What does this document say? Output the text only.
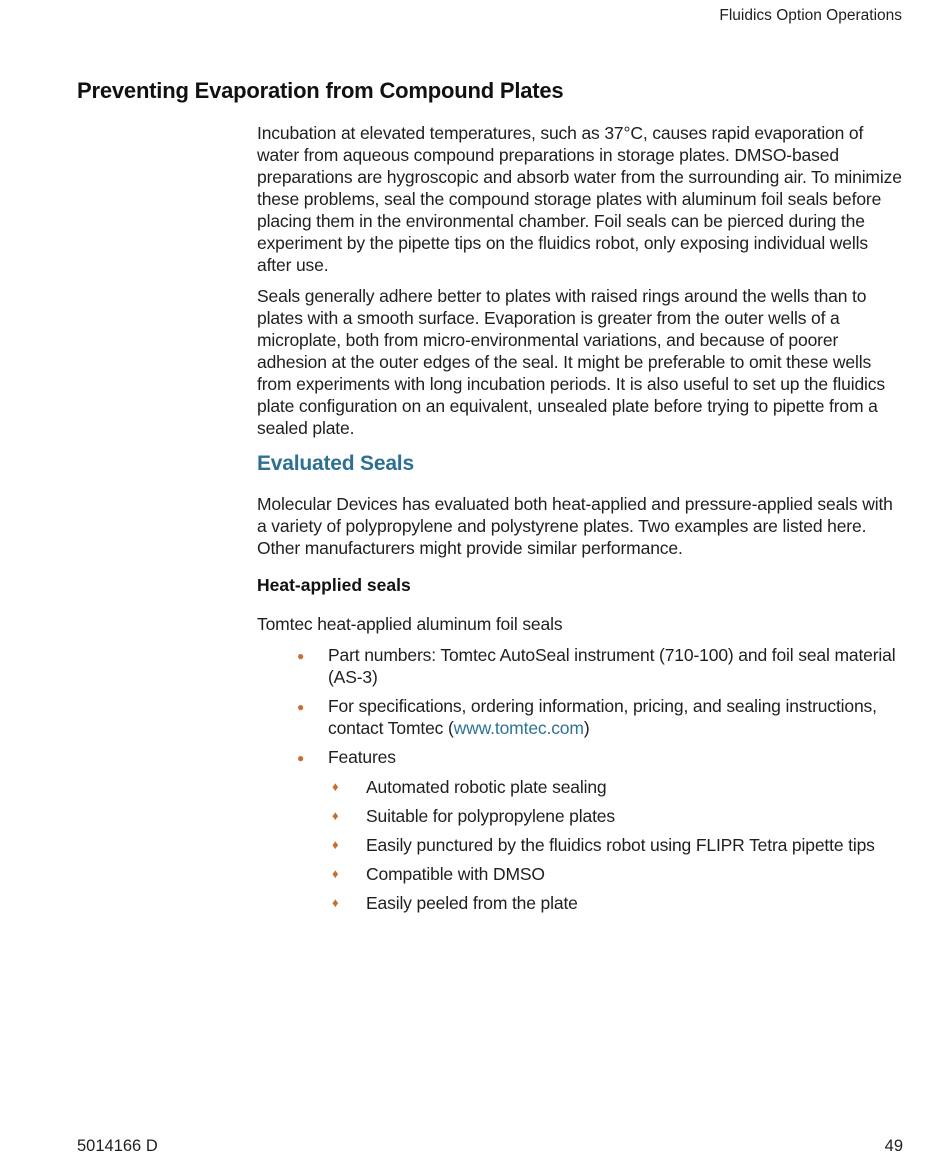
Fluidics Option Operations
Preventing Evaporation from Compound Plates

Incubation at elevated temperatures, such as 37°C, causes rapid evaporation of water from aqueous compound preparations in storage plates. DMSO-based preparations are hygroscopic and absorb water from the surrounding air. To minimize these problems, seal the compound storage plates with aluminum foil seals before placing them in the environmental chamber. Foil seals can be pierced during the experiment by the pipette tips on the fluidics robot, only exposing individual wells after use.

Seals generally adhere better to plates with raised rings around the wells than to plates with a smooth surface. Evaporation is greater from the outer wells of a microplate, both from micro-environmental variations, and because of poorer adhesion at the outer edges of the seal. It might be preferable to omit these wells from experiments with long incubation periods. It is also useful to set up the fluidics plate configuration on an equivalent, unsealed plate before trying to pipette from a sealed plate.

Evaluated Seals

Molecular Devices has evaluated both heat-applied and pressure-applied seals with a variety of polypropylene and polystyrene plates. Two examples are listed here. Other manufacturers might provide similar performance.

Heat-applied seals

Tomtec heat-applied aluminum foil seals

● Part numbers: Tomtec AutoSeal instrument (710-100) and foil seal material (AS-3)
● For specifications, ordering information, pricing, and sealing instructions, contact Tomtec (www.tomtec.com)
● Features
♦ Automated robotic plate sealing
♦ Suitable for polypropylene plates
♦ Easily punctured by the fluidics robot using FLIPR Tetra pipette tips
♦ Compatible with DMSO
♦ Easily peeled from the plate
5014166 D	49
